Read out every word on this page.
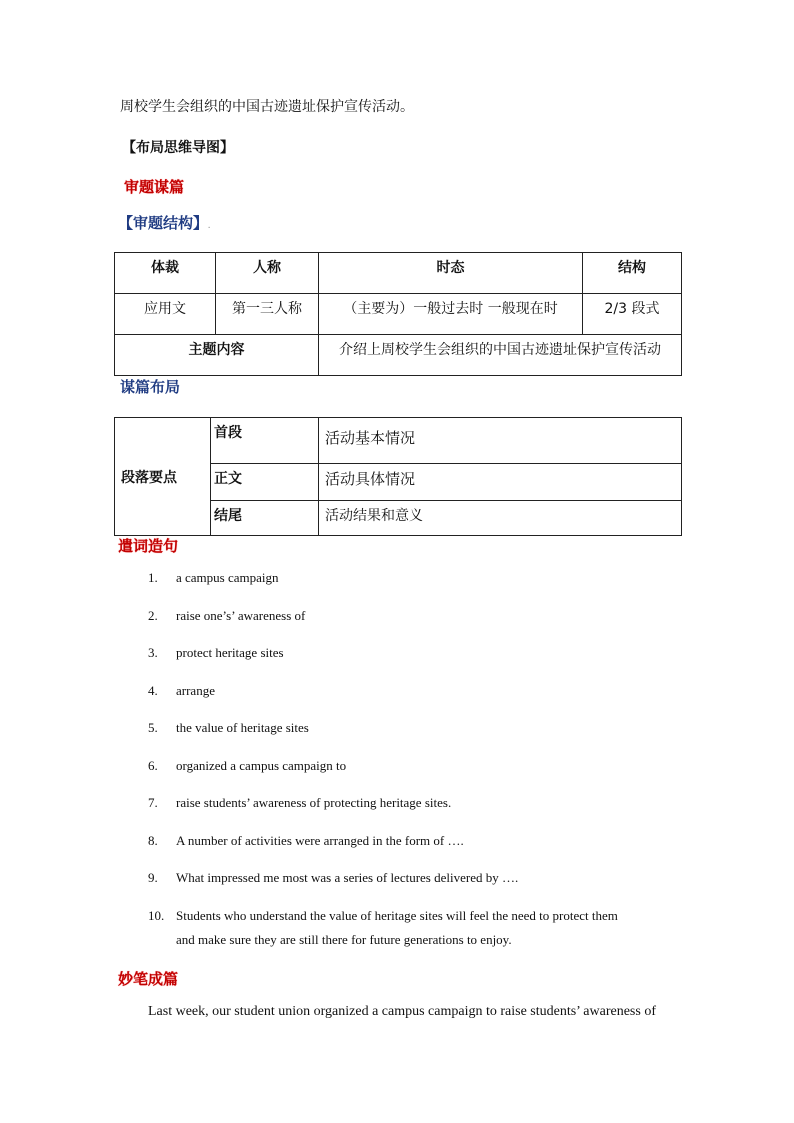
周校学生会组织的中国古迹遗址保护宣传活动。
【布局思维导图】
审题谋篇
【审题结构】.
体裁	人称	时态	结构

应用文	第一三人称	（主要为）一般过去时 一般现在时	2/3 段式

主题内容		介绍上周校学生会组织的中国古迹遗址保护宣传活动	
谋篇布局
段落要点	首段	活动基本情况

	正文	活动具体情况

	结尾	活动结果和意义
遣词造句
1. a campus campaign
2. raise one’s’ awareness of
3. protect heritage sites
4. arrange
5. the value of heritage sites
6. organized a campus campaign to
7. raise students’ awareness of protecting heritage sites.
8. A number of activities were arranged in the form of ….
9. What impressed me most was a series of lectures delivered by ….
10. Students who understand the value of heritage sites will feel the need to protect them
and make sure they are still there for future generations to enjoy.
妙笔成篇
Last week, our student union organized a campus campaign to raise students’ awareness of
